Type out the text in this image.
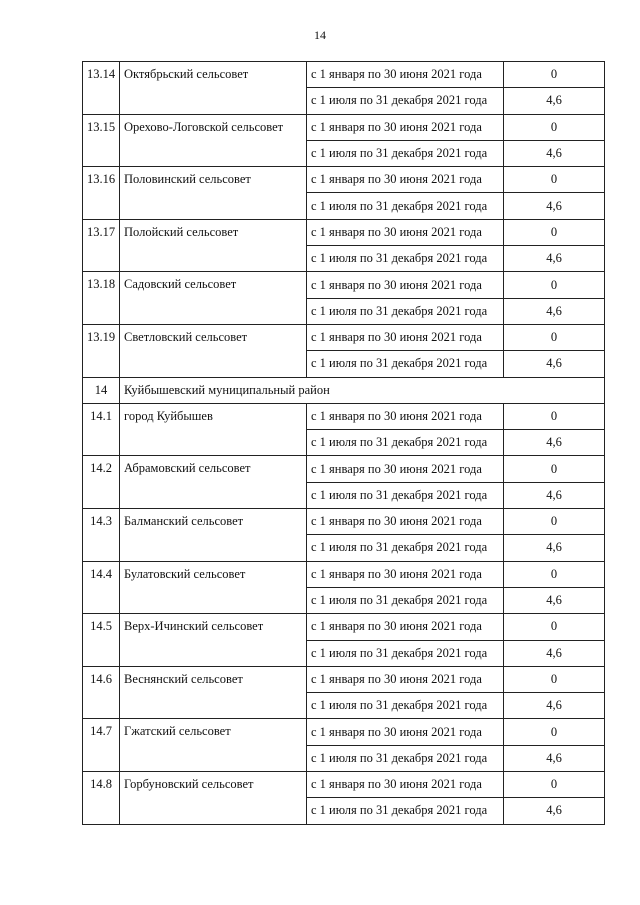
14
13.14	Октябрьский сельсовет	с 1 января по 30 июня 2021 года	0
		с 1 июля по 31 декабря 2021 года	4,6
13.15	Орехово-Логовской сельсовет	с 1 января по 30 июня 2021 года	0
		с 1 июля по 31 декабря 2021 года	4,6
13.16	Половинский сельсовет	с 1 января по 30 июня 2021 года	0
		с 1 июля по 31 декабря 2021 года	4,6
13.17	Полойский сельсовет	с 1 января по 30 июня 2021 года	0
		с 1 июля по 31 декабря 2021 года	4,6
13.18	Садовский сельсовет	с 1 января по 30 июня 2021 года	0
		с 1 июля по 31 декабря 2021 года	4,6
13.19	Светловский сельсовет	с 1 января по 30 июня 2021 года	0
		с 1 июля по 31 декабря 2021 года	4,6
14	Куйбышевский муниципальный район		
14.1	город Куйбышев	с 1 января по 30 июня 2021 года	0
		с 1 июля по 31 декабря 2021 года	4,6
14.2	Абрамовский сельсовет	с 1 января по 30 июня 2021 года	0
		с 1 июля по 31 декабря 2021 года	4,6
14.3	Балманский сельсовет	с 1 января по 30 июня 2021 года	0
		с 1 июля по 31 декабря 2021 года	4,6
14.4	Булатовский сельсовет	с 1 января по 30 июня 2021 года	0
		с 1 июля по 31 декабря 2021 года	4,6
14.5	Верх-Ичинский сельсовет	с 1 января по 30 июня 2021 года	0
		с 1 июля по 31 декабря 2021 года	4,6
14.6	Веснянский сельсовет	с 1 января по 30 июня 2021 года	0
		с 1 июля по 31 декабря 2021 года	4,6
14.7	Гжатский сельсовет	с 1 января по 30 июня 2021 года	0
		с 1 июля по 31 декабря 2021 года	4,6
14.8	Горбуновский сельсовет	с 1 января по 30 июня 2021 года	0
		с 1 июля по 31 декабря 2021 года	4,6
